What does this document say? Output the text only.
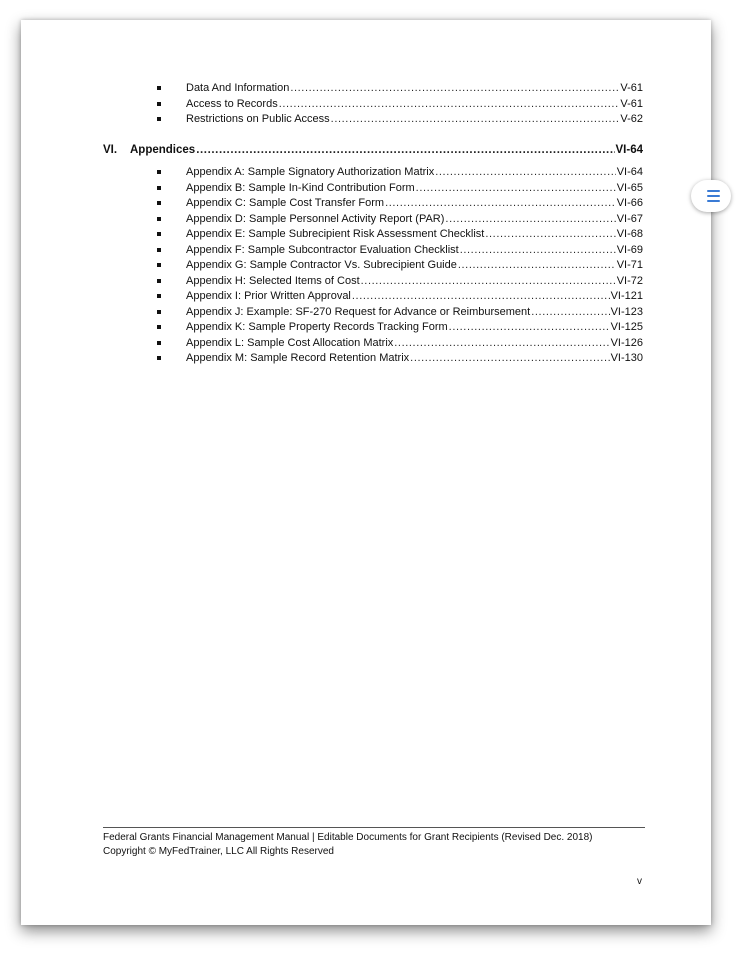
Data And Information .....	V-61
Access to Records .....	V-61
Restrictions on Public Access .....	V-62
VI. Appendices .....	VI-64
Appendix A: Sample Signatory Authorization Matrix .....	VI-64
Appendix B: Sample In-Kind Contribution Form .....	VI-65
Appendix C: Sample Cost Transfer Form .....	VI-66
Appendix D: Sample Personnel Activity Report (PAR) .....	VI-67
Appendix E: Sample Subrecipient Risk Assessment Checklist .....	VI-68
Appendix F: Sample Subcontractor Evaluation Checklist .....	VI-69
Appendix G: Sample Contractor Vs. Subrecipient Guide .....	VI-71
Appendix H: Selected Items of Cost .....	VI-72
Appendix I: Prior Written Approval .....	VI-121
Appendix J: Example: SF-270 Request for Advance or Reimbursement .....	VI-123
Appendix K: Sample Property Records Tracking Form .....	VI-125
Appendix L: Sample Cost Allocation Matrix .....	VI-126
Appendix M: Sample Record Retention Matrix .....	VI-130
Federal Grants Financial Management Manual | Editable Documents for Grant Recipients (Revised Dec. 2018)
Copyright © MyFedTrainer, LLC All Rights Reserved
v
